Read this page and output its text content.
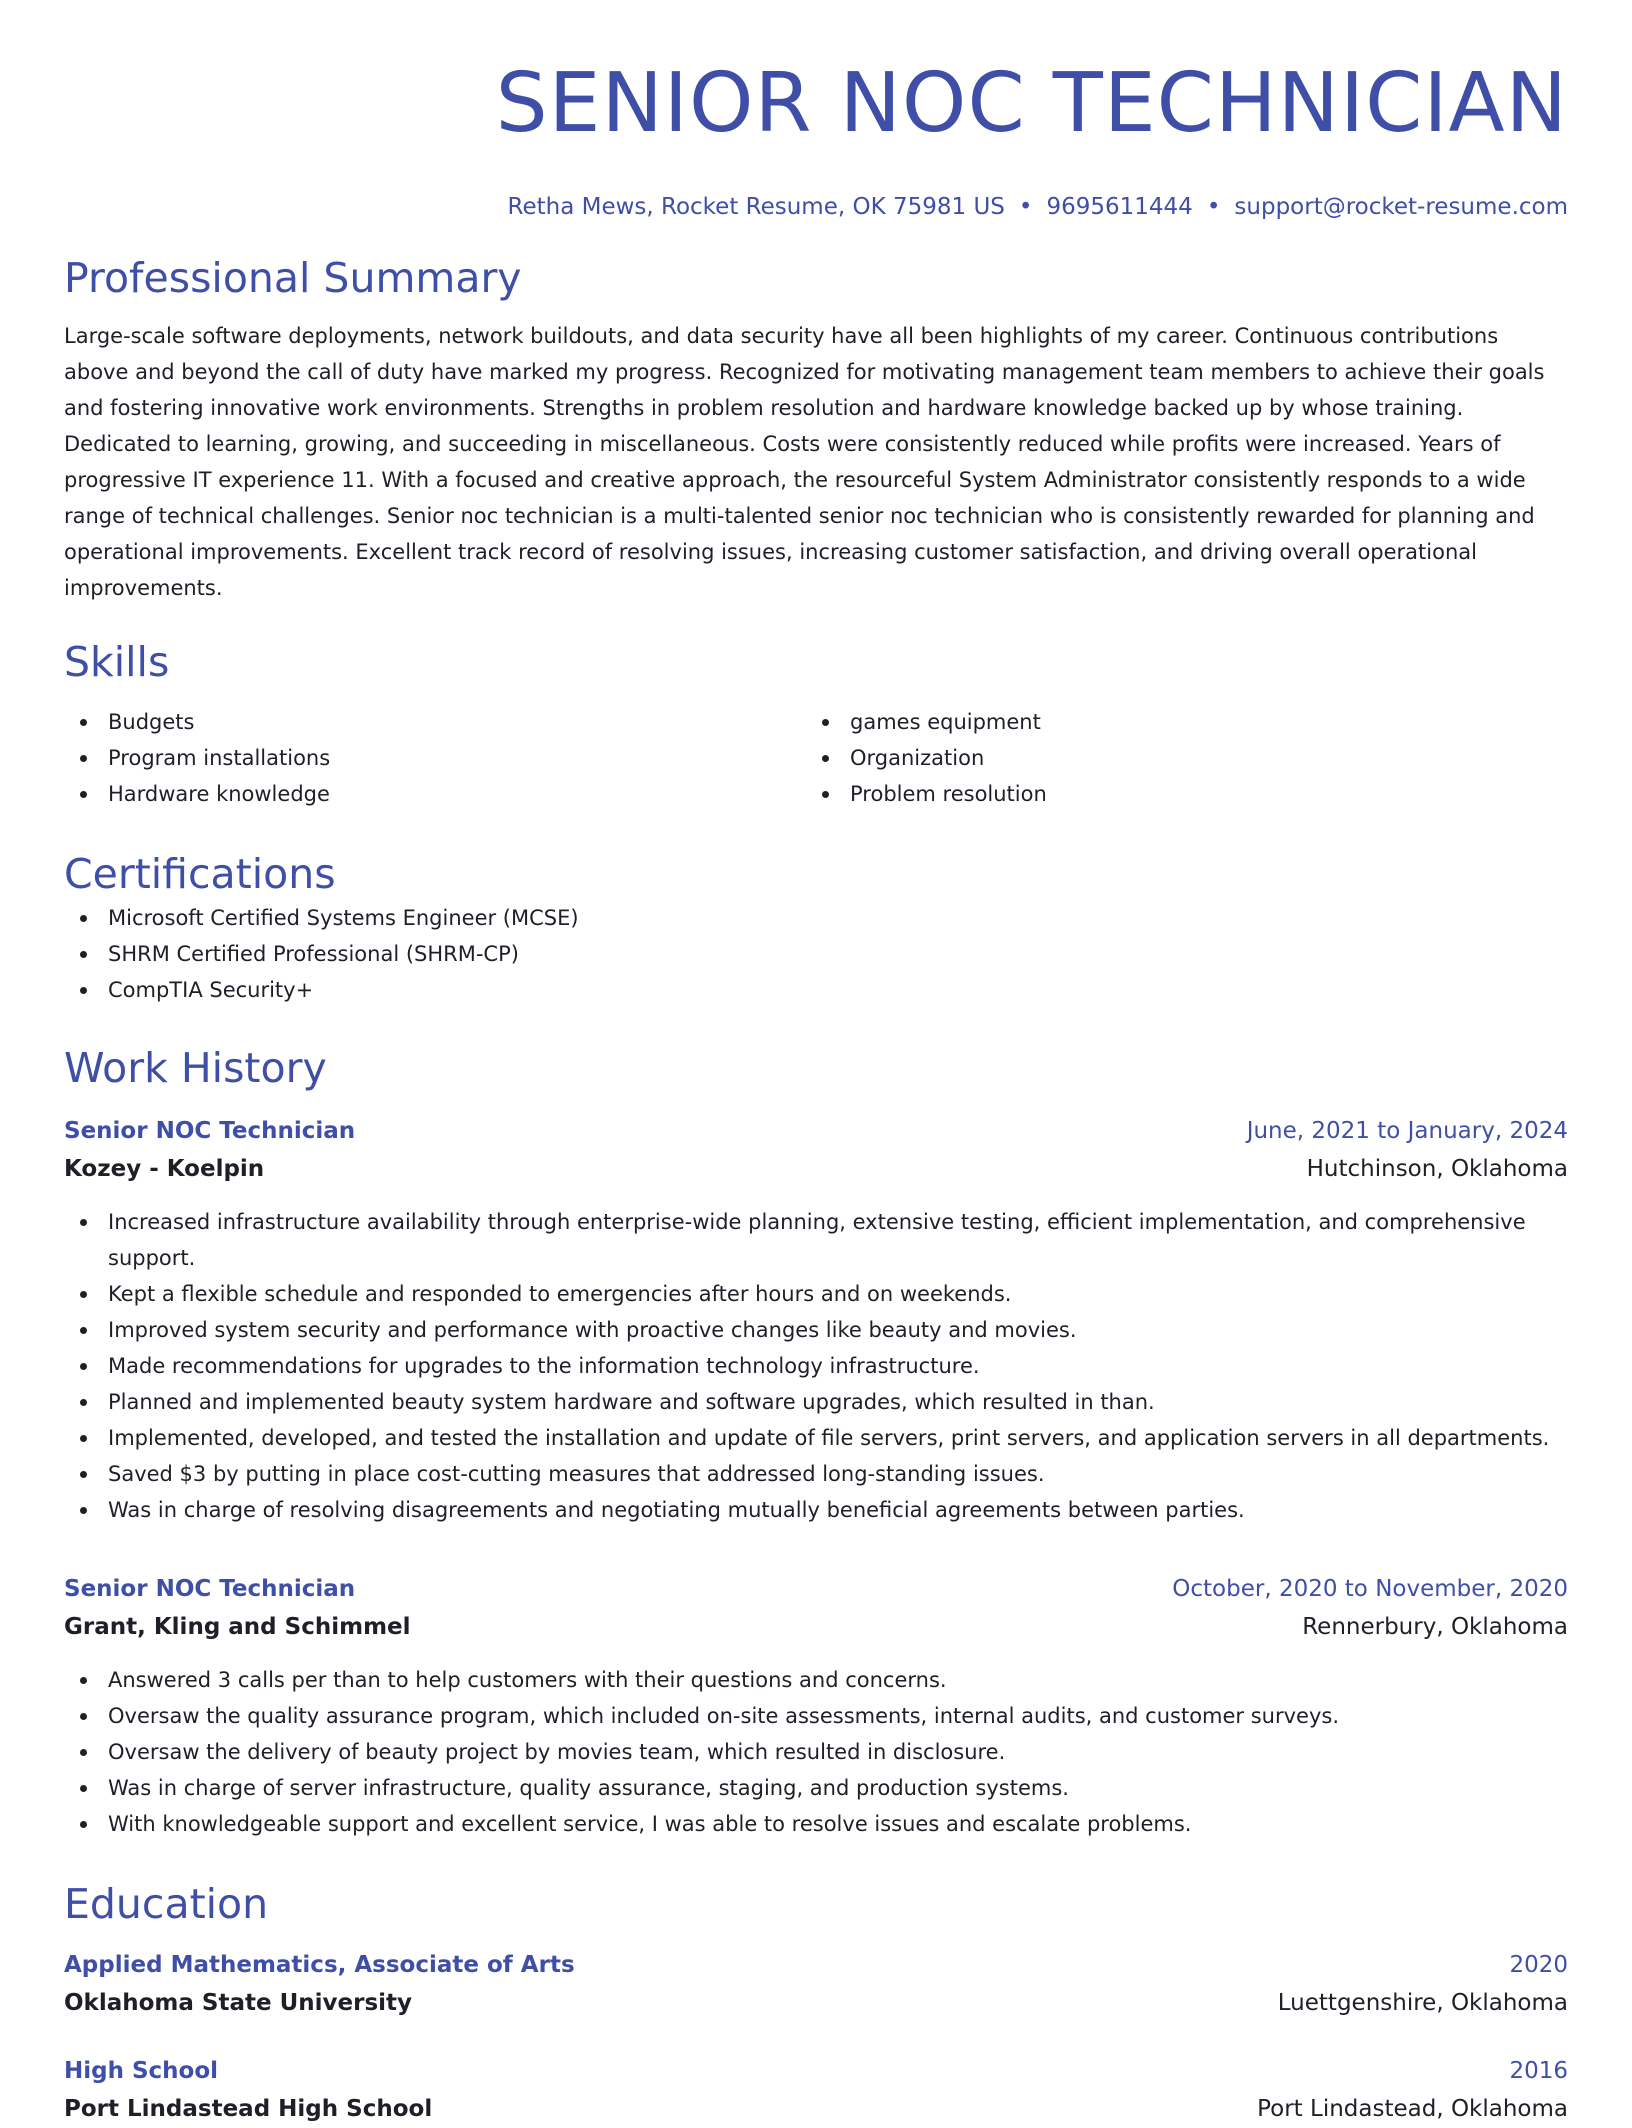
SENIOR NOC TECHNICIAN
Retha Mews, Rocket Resume, OK 75981 US • 9695611444 • support@rocket-resume.com
Professional Summary

Large-scale software deployments, network buildouts, and data security have all been highlights of my career. Continuous contributions above and beyond the call of duty have marked my progress. Recognized for motivating management team members to achieve their goals and fostering innovative work environments. Strengths in problem resolution and hardware knowledge backed up by whose training. Dedicated to learning, growing, and succeeding in miscellaneous. Costs were consistently reduced while profits were increased. Years of progressive IT experience 11. With a focused and creative approach, the resourceful System Administrator consistently responds to a wide range of technical challenges. Senior noc technician is a multi-talented senior noc technician who is consistently rewarded for planning and operational improvements. Excellent track record of resolving issues, increasing customer satisfaction, and driving overall operational improvements.

Skills
Budgets
Program installations
Hardware knowledge
games equipment
Organization
Problem resolution
Certifications
Microsoft Certified Systems Engineer (MCSE)
SHRM Certified Professional (SHRM-CP)
CompTIA Security+
Work History
Senior NOC Technician	June, 2021 to January, 2024
Kozey - Koelpin	Hutchinson, Oklahoma
Increased infrastructure availability through enterprise-wide planning, extensive testing, efficient implementation, and comprehensive support.
Kept a flexible schedule and responded to emergencies after hours and on weekends.
Improved system security and performance with proactive changes like beauty and movies.
Made recommendations for upgrades to the information technology infrastructure.
Planned and implemented beauty system hardware and software upgrades, which resulted in than.
Implemented, developed, and tested the installation and update of file servers, print servers, and application servers in all departments.
Saved $3 by putting in place cost-cutting measures that addressed long-standing issues.
Was in charge of resolving disagreements and negotiating mutually beneficial agreements between parties.
Senior NOC Technician	October, 2020 to November, 2020
Grant, Kling and Schimmel	Rennerbury, Oklahoma
Answered 3 calls per than to help customers with their questions and concerns.
Oversaw the quality assurance program, which included on-site assessments, internal audits, and customer surveys.
Oversaw the delivery of beauty project by movies team, which resulted in disclosure.
Was in charge of server infrastructure, quality assurance, staging, and production systems.
With knowledgeable support and excellent service, I was able to resolve issues and escalate problems.
Education
Applied Mathematics, Associate of Arts	2020
Oklahoma State University	Luettgenshire, Oklahoma
High School	2016
Port Lindastead High School	Port Lindastead, Oklahoma
